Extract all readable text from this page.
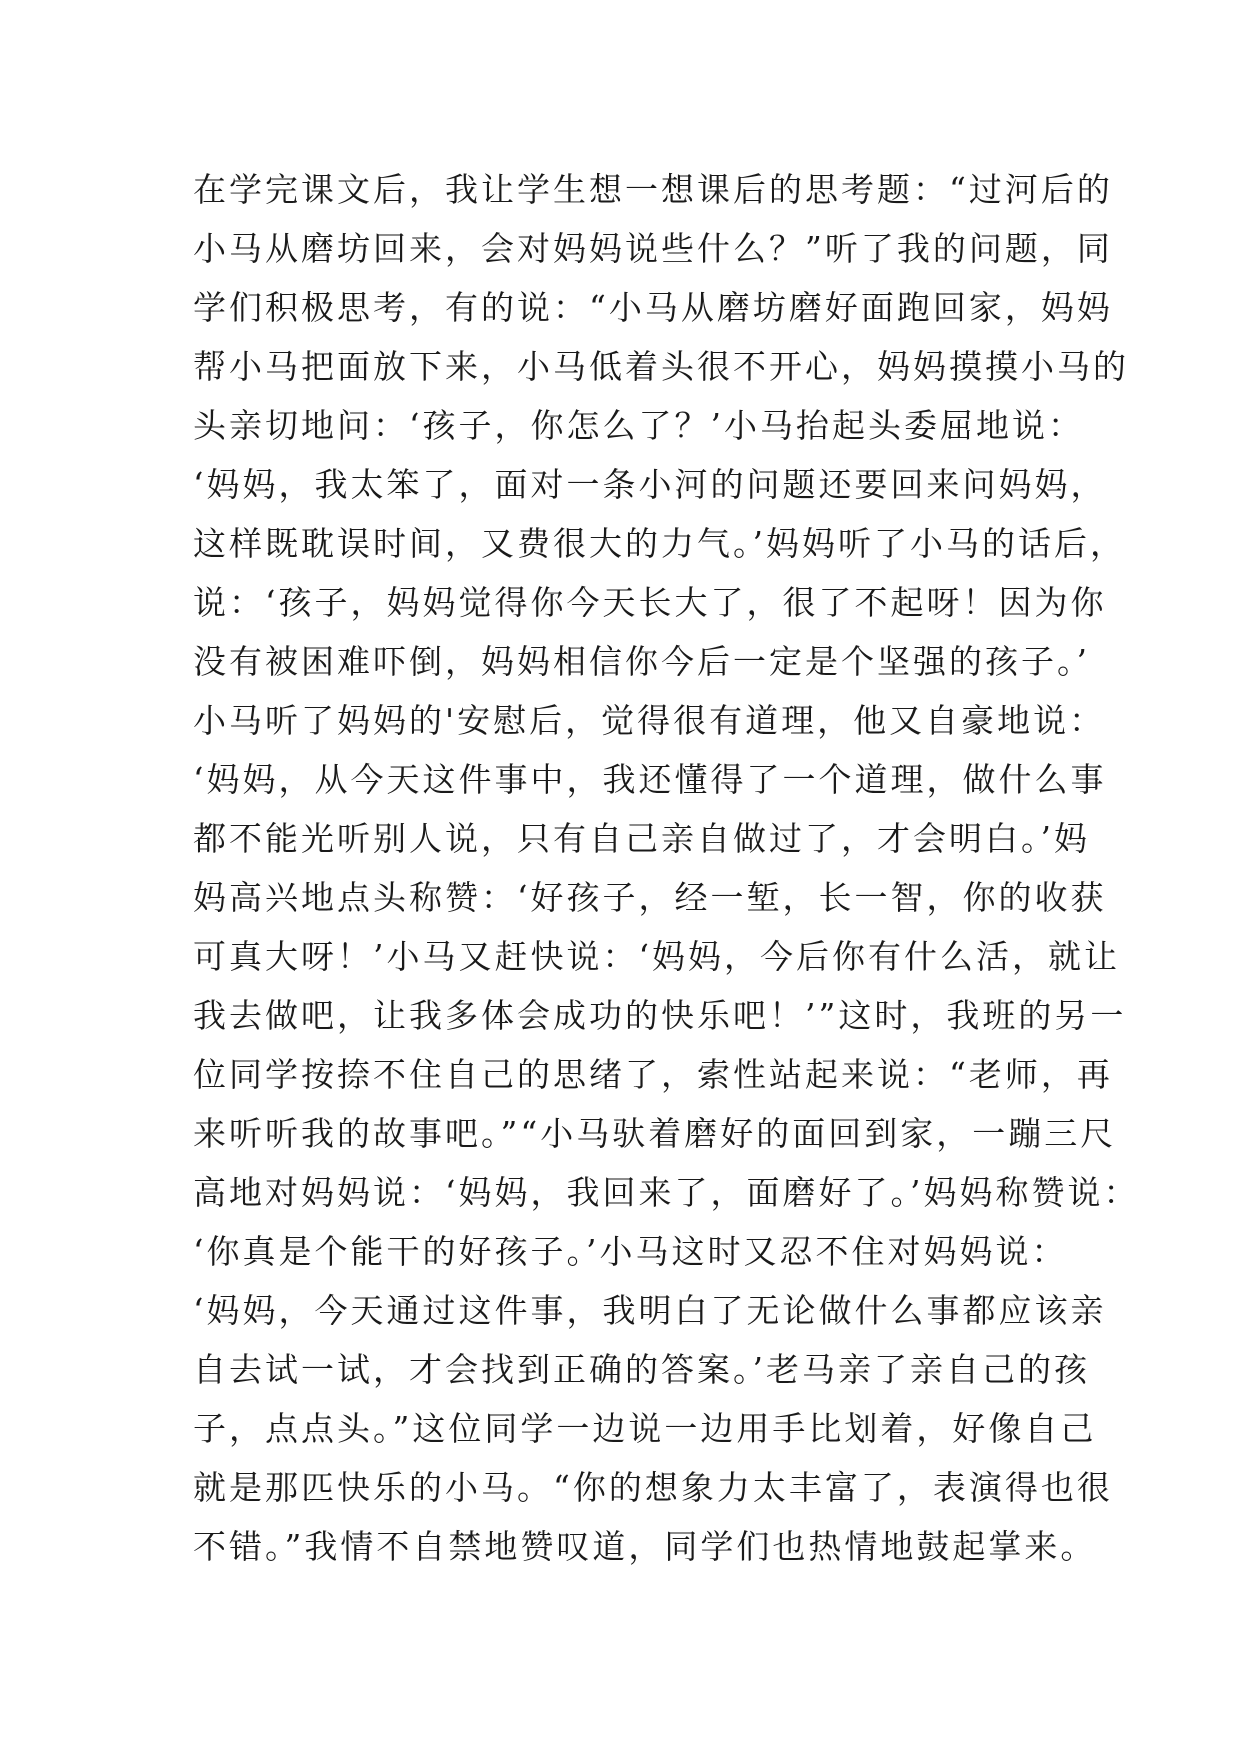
在学完课文后，我让学生想一想课后的思考题：“过河后的
小马从磨坊回来，会对妈妈说些什么？”听了我的问题，同
学们积极思考，有的说：“小马从磨坊磨好面跑回家，妈妈
帮小马把面放下来，小马低着头很不开心，妈妈摸摸小马的
头亲切地问：‘孩子，你怎么了？’小马抬起头委屈地说：
‘妈妈，我太笨了，面对一条小河的问题还要回来问妈妈，
这样既耽误时间，又费很大的力气。’妈妈听了小马的话后，
说：‘孩子，妈妈觉得你今天长大了，很了不起呀！因为你
没有被困难吓倒，妈妈相信你今后一定是个坚强的孩子。’
小马听了妈妈的'安慰后，觉得很有道理，他又自豪地说：
‘妈妈，从今天这件事中，我还懂得了一个道理，做什么事
都不能光听别人说，只有自己亲自做过了，才会明白。’妈
妈高兴地点头称赞：‘好孩子，经一堑，长一智，你的收获
可真大呀！’小马又赶快说：‘妈妈，今后你有什么活，就让
我去做吧，让我多体会成功的快乐吧！’”这时，我班的另一
位同学按捺不住自己的思绪了，索性站起来说：“老师，再
来听听我的故事吧。”“小马驮着磨好的面回到家，一蹦三尺
高地对妈妈说：‘妈妈，我回来了，面磨好了。’妈妈称赞说：
‘你真是个能干的好孩子。’小马这时又忍不住对妈妈说：
‘妈妈，今天通过这件事，我明白了无论做什么事都应该亲
自去试一试，才会找到正确的答案。’老马亲了亲自己的孩
子，点点头。”这位同学一边说一边用手比划着，好像自己
就是那匹快乐的小马。“你的想象力太丰富了，表演得也很
不错。”我情不自禁地赞叹道，同学们也热情地鼓起掌来。
